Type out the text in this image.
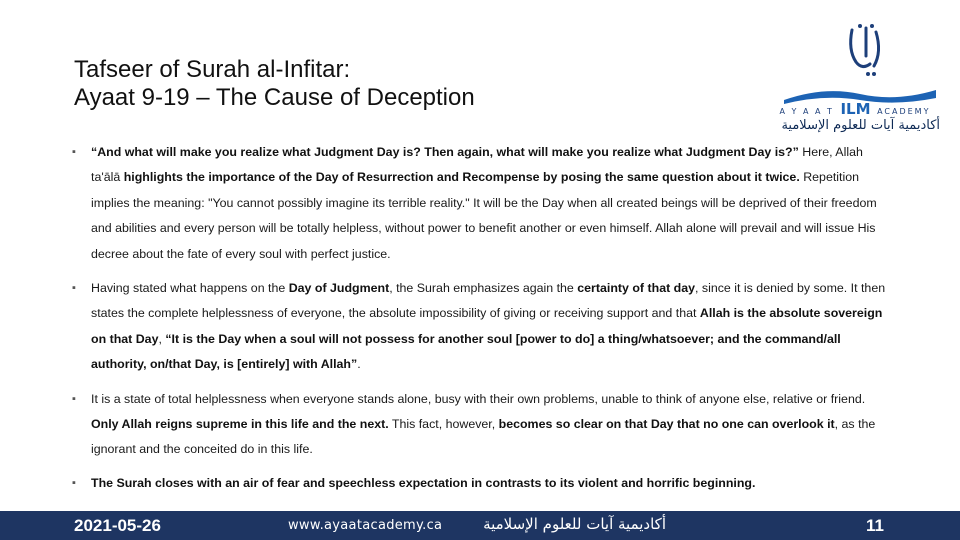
Tafseer of Surah al-Infitar:
Ayaat 9-19 – The Cause of Deception
A Y A A T ILM ACADEMY
أكاديمية آيات للعلوم الإسلامية
▪ “And what will make you realize what Judgment Day is? Then again, what will make you realize what Judgment Day is?” Here, Allah ta'ālā highlights the importance of the Day of Resurrection and Recompense by posing the same question about it twice. Repetition implies the meaning: "You cannot possibly imagine its terrible reality." It will be the Day when all created beings will be deprived of their freedom and abilities and every person will be totally helpless, without power to benefit another or even himself. Allah alone will prevail and will issue His decree about the fate of every soul with perfect justice.
▪ Having stated what happens on the Day of Judgment, the Surah emphasizes again the certainty of that day, since it is denied by some. It then states the complete helplessness of everyone, the absolute impossibility of giving or receiving support and that Allah is the absolute sovereign on that Day, “It is the Day when a soul will not possess for another soul [power to do] a thing/whatsoever; and the command/all authority, on/that Day, is [entirely] with Allah”.
▪ It is a state of total helplessness when everyone stands alone, busy with their own problems, unable to think of anyone else, relative or friend. Only Allah reigns supreme in this life and the next. This fact, however, becomes so clear on that Day that no one can overlook it, as the ignorant and the conceited do in this life.
▪ The Surah closes with an air of fear and speechless expectation in contrasts to its violent and horrific beginning.
2021-05-26	www.ayaatacademy.ca	أكاديمية آيات للعلوم الإسلامية	11
